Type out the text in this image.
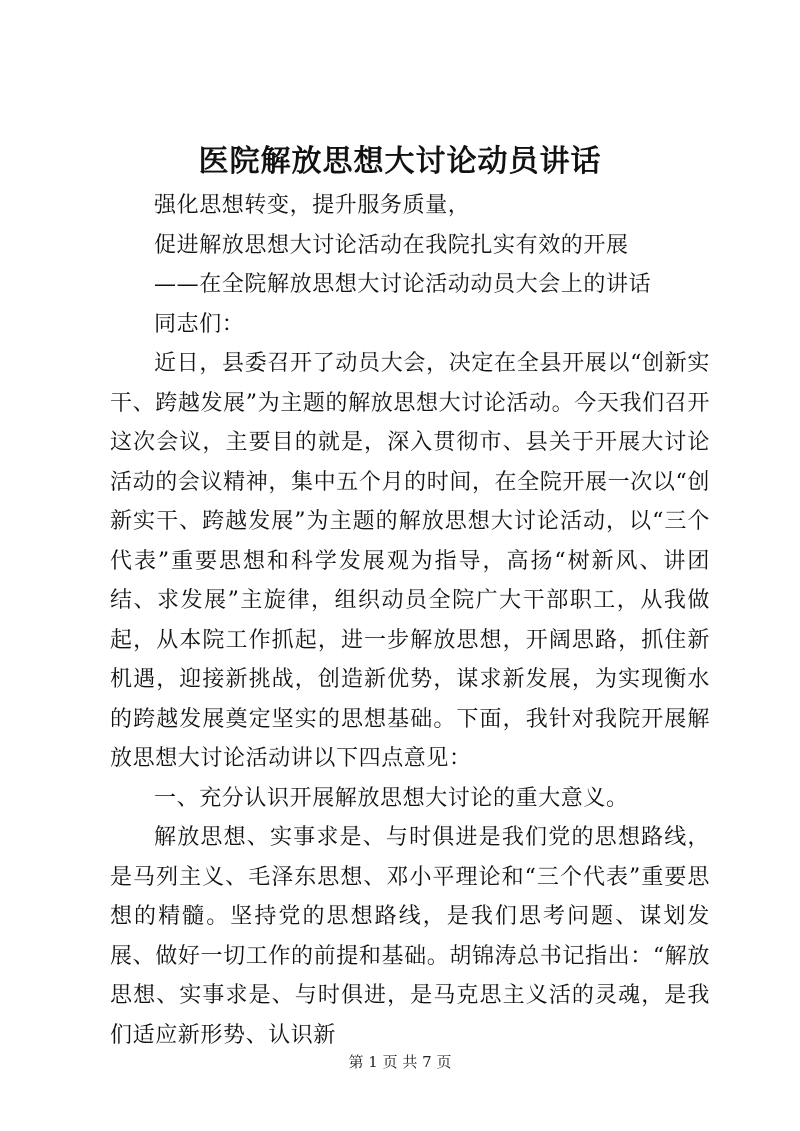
医院解放思想大讨论动员讲话

强化思想转变，提升服务质量，

促进解放思想大讨论活动在我院扎实有效的开展

——在全院解放思想大讨论活动动员大会上的讲话

同志们：

近日，县委召开了动员大会，决定在全县开展以“创新实干、跨越发展”为主题的解放思想大讨论活动。今天我们召开这次会议，主要目的就是，深入贯彻市、县关于开展大讨论活动的会议精神，集中五个月的时间，在全院开展一次以“创新实干、跨越发展”为主题的解放思想大讨论活动，以“三个代表”重要思想和科学发展观为指导，高扬“树新风、讲团结、求发展”主旋律，组织动员全院广大干部职工，从我做起，从本院工作抓起，进一步解放思想，开阔思路，抓住新机遇，迎接新挑战，创造新优势，谋求新发展，为实现衡水的跨越发展奠定坚实的思想基础。下面，我针对我院开展解放思想大讨论活动讲以下四点意见：

一、充分认识开展解放思想大讨论的重大意义。

解放思想、实事求是、与时俱进是我们党的思想路线，是马列主义、毛泽东思想、邓小平理论和“三个代表”重要思想的精髓。坚持党的思想路线，是我们思考问题、谋划发展、做好一切工作的前提和基础。胡锦涛总书记指出：“解放思想、实事求是、与时俱进，是马克思主义活的灵魂，是我们适应新形势、认识新

第 1 页 共 7 页
